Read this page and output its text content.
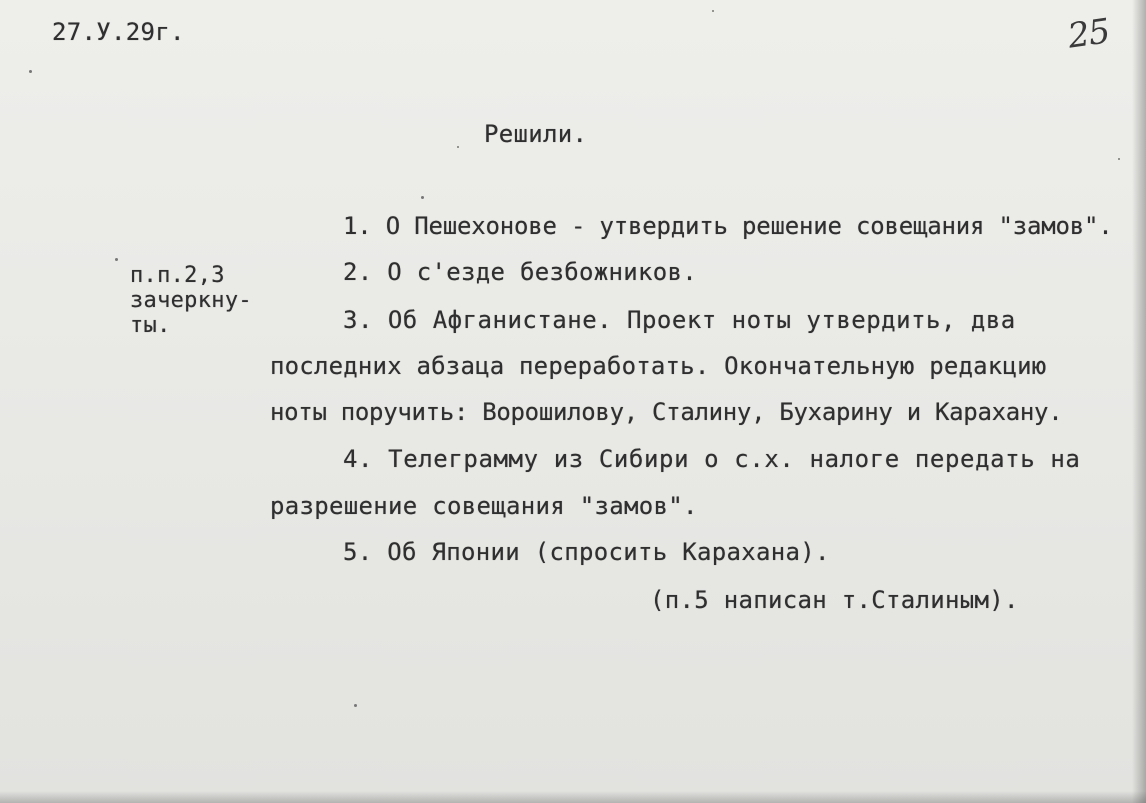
27.У.29г.	25
Решили.
1. О Пешехонове - утвердить решение совещания "замов".
п.п.2,3
зачеркну-
ты.
2. О с'езде безбожников.
3. Об Афганистане. Проект ноты утвердить, два
последних абзаца переработать. Окончательную редакцию
ноты поручить: Ворошилову, Сталину, Бухарину и Карахану.
4. Телеграмму из Сибири о с.х. налоге передать на
разрешение совещания "замов".
5. Об Японии (спросить Карахана).
(п.5 написан т.Сталиным).
